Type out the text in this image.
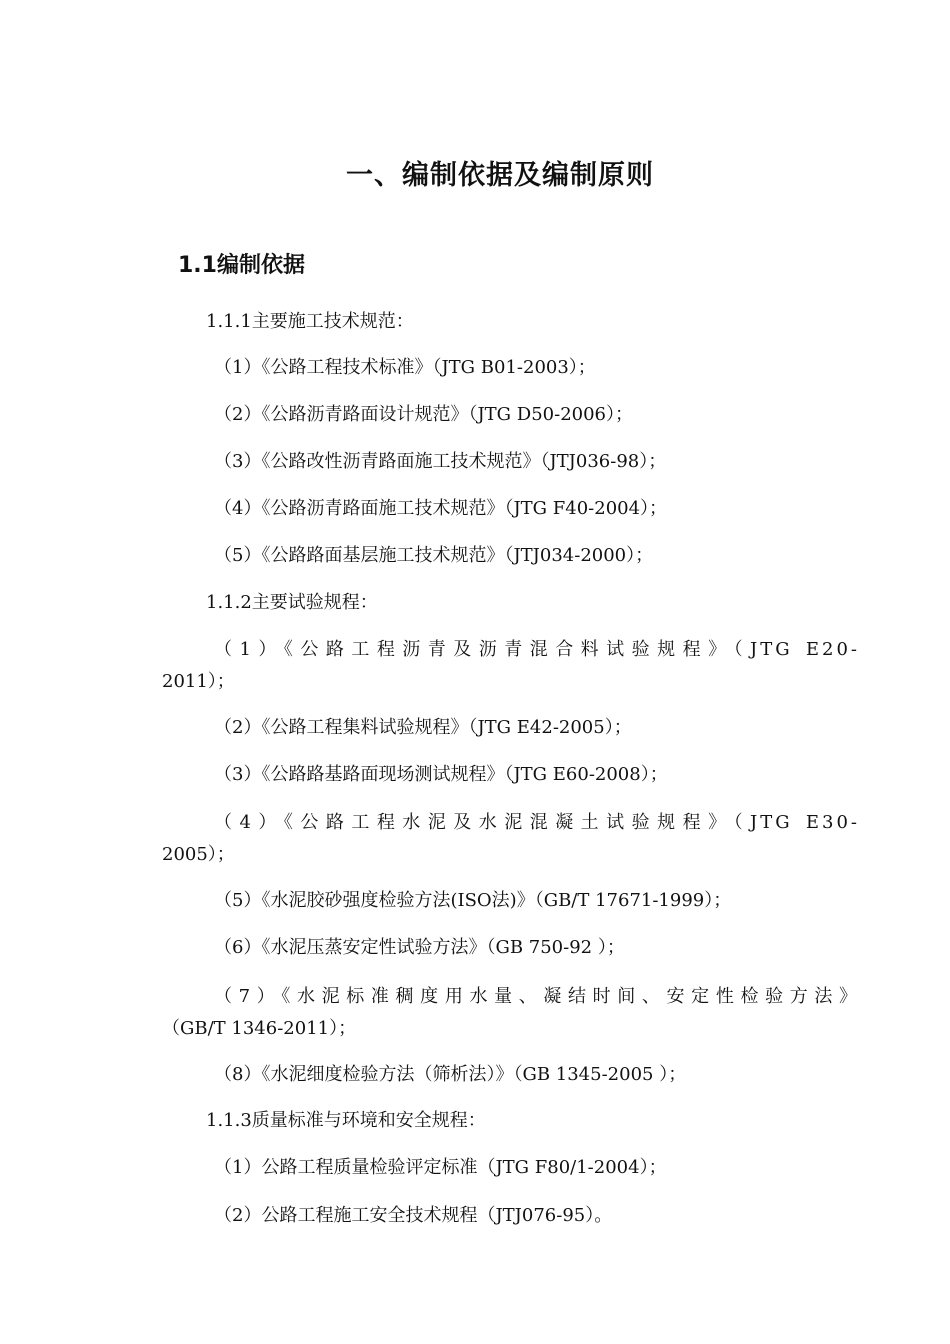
一、编制依据及编制原则
1.1编制依据

1.1.1主要施工技术规范：

（1）《公路工程技术标准》（JTG B01-2003）；

（2）《公路沥青路面设计规范》（JTG D50-2006）；

（3）《公路改性沥青路面施工技术规范》（JTJ036-98）；

（4）《公路沥青路面施工技术规范》（JTG F40-2004）；

（5）《公路路面基层施工技术规范》（JTJ034-2000）；

1.1.2主要试验规程：

（1）《公路工程沥青及沥青混合料试验规程》（JTG E20-
2011）；

（2）《公路工程集料试验规程》（JTG E42-2005）；

（3）《公路路基路面现场测试规程》（JTG E60-2008）；

（4）《公路工程水泥及水泥混凝土试验规程》（JTG E30-
2005）；

（5）《水泥胶砂强度检验方法(ISO法)》（GB/T 17671-1999）；

（6）《水泥压蒸安定性试验方法》（GB 750-92 ）；

（7）《水泥标准稠度用水量、凝结时间、安定性检验方法》
（GB/T 1346-2011）；

（8）《水泥细度检验方法（筛析法）》（GB 1345-2005 ）；

1.1.3质量标准与环境和安全规程：

（1）公路工程质量检验评定标准（JTG F80/1-2004）；

（2）公路工程施工安全技术规程（JTJ076-95）。
